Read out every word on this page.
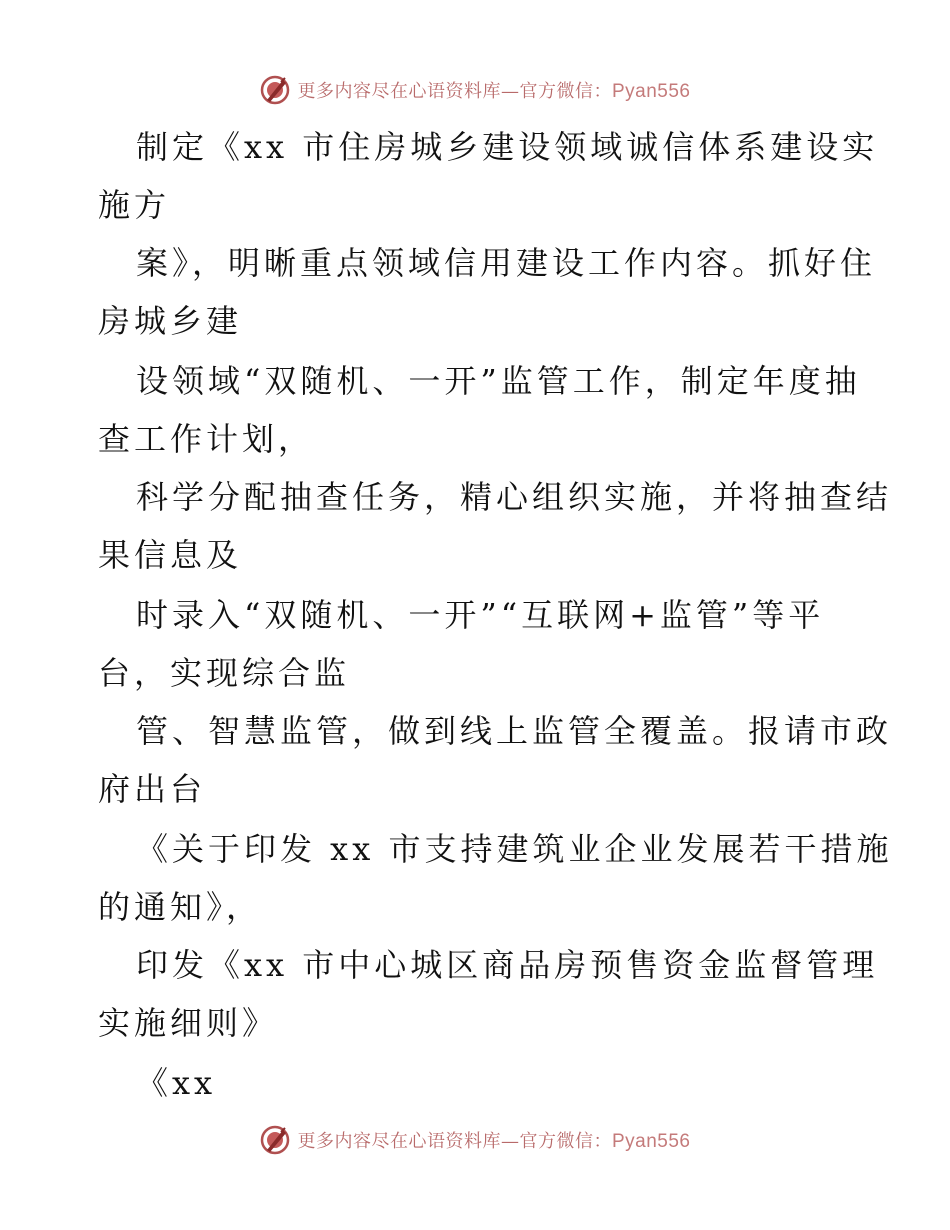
更多内容尽在心语资料库—官方微信：Pyan556
制定《xx 市住房城乡建设领域诚信体系建设实
施方
案》，明晰重点领域信用建设工作内容。抓好住
房城乡建
设领域“双随机、一开”监管工作，制定年度抽
查工作计划，
科学分配抽查任务，精心组织实施，并将抽查结
果信息及
时录入“双随机、一开”“互联网+监管”等平
台，实现综合监
管、智慧监管，做到线上监管全覆盖。报请市政
府出台
《关于印发 xx 市支持建筑业企业发展若干措施
的通知》，
印发《xx 市中心城区商品房预售资金监督管理
实施细则》
《xx
更多内容尽在心语资料库—官方微信：Pyan556
